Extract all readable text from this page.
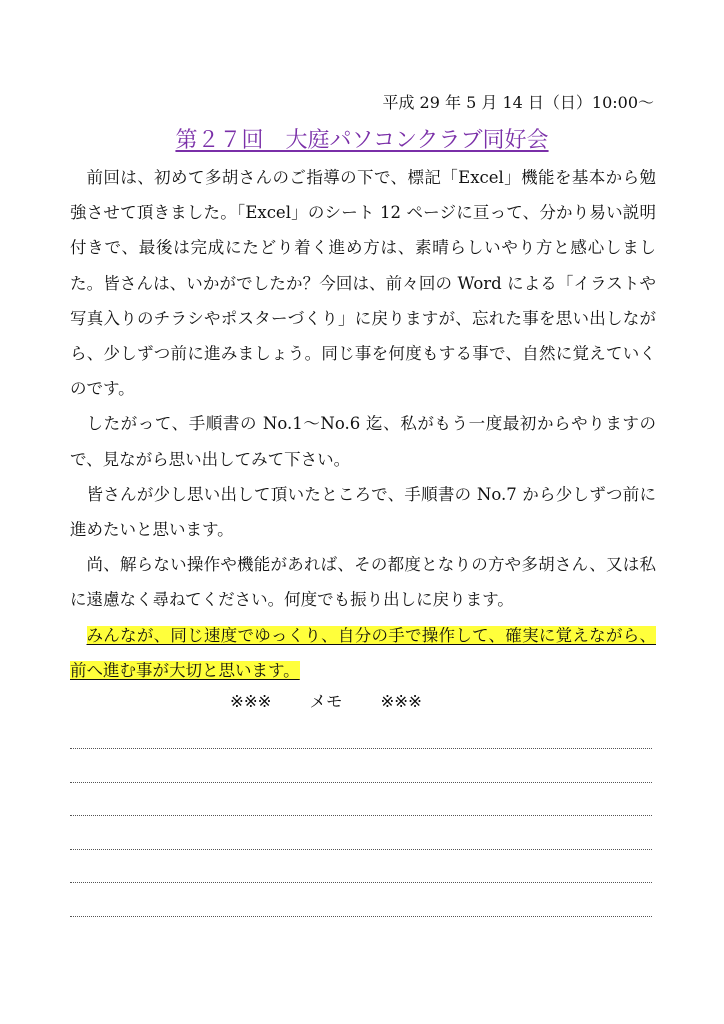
平成 29 年 5 月 14 日（日）10:00〜
第２７回　大庭パソコンクラブ同好会

前回は、初めて多胡さんのご指導の下で、標記「Excel」機能を基本から勉強させて頂きました。「Excel」のシート 12 ページに亘って、分かり易い説明付きで、最後は完成にたどり着く進め方は、素晴らしいやり方と感心しました。皆さんは、いかがでしたか？今回は、前々回の Word による「イラストや写真入りのチラシやポスターづくり」に戻りますが、忘れた事を思い出しながら、少しずつ前に進みましょう。同じ事を何度もする事で、自然に覚えていくのです。

したがって、手順書の No.1〜No.6 迄、私がもう一度最初からやりますので、見ながら思い出してみて下さい。

皆さんが少し思い出して頂いたところで、手順書の No.7 から少しずつ前に進めたいと思います。

尚、解らない操作や機能があれば、その都度となりの方や多胡さん、又は私に遠慮なく尋ねてください。何度でも振り出しに戻ります。

みんなが、同じ速度でゆっくり、自分の手で操作して、確実に覚えながら、前へ進む事が大切と思います。

※※※ メモ ※※※
